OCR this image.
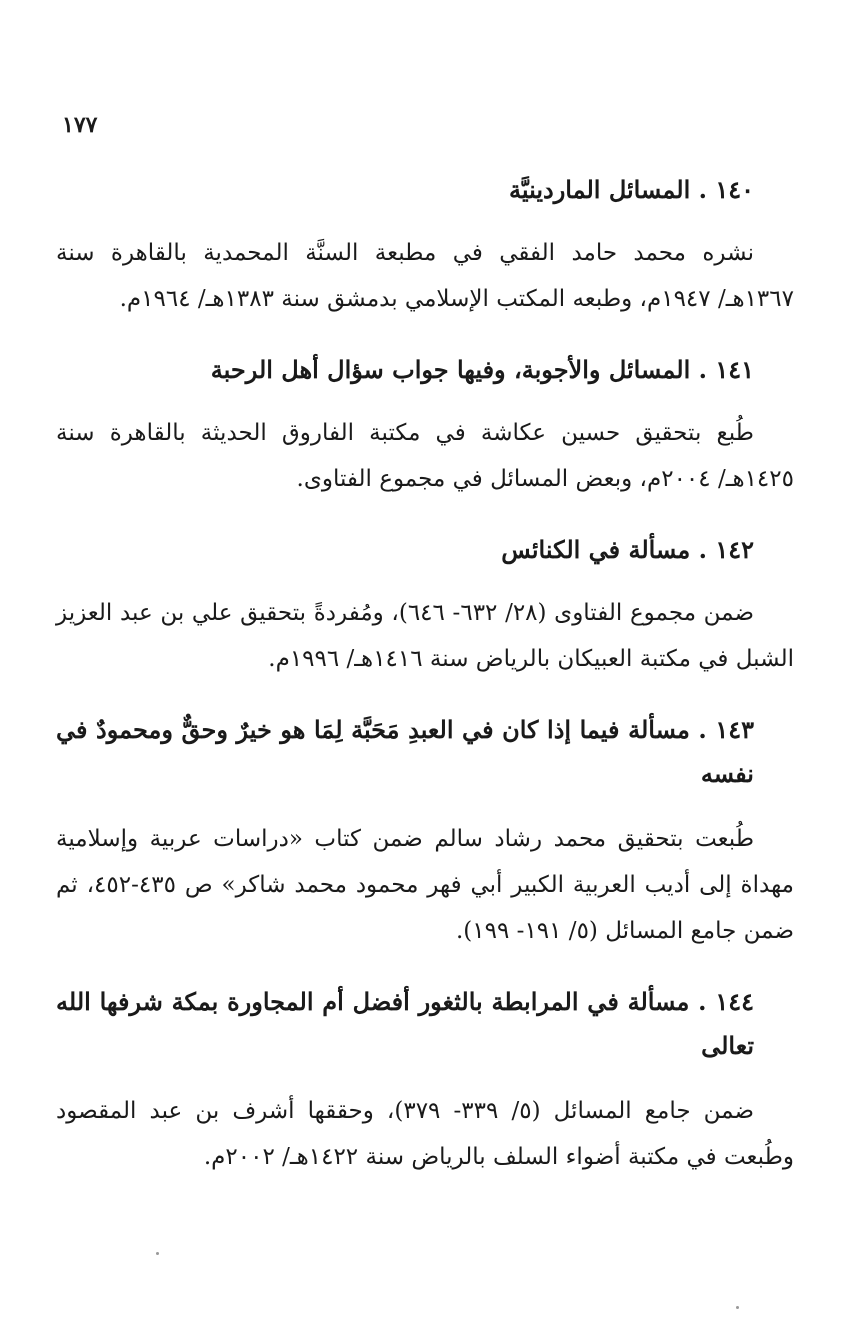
١٧٧
١٤٠ . المسائل الماردينيَّة
نشره محمد حامد الفقي في مطبعة السنَّة المحمدية بالقاهرة سنة ١٣٦٧هـ/ ١٩٤٧م، وطبعه المكتب الإسلامي بدمشق سنة ١٣٨٣هـ/ ١٩٦٤م.
١٤١ . المسائل والأجوبة، وفيها جواب سؤال أهل الرحبة
طُبع بتحقيق حسين عكاشة في مكتبة الفاروق الحديثة بالقاهرة سنة ١٤٢٥هـ/ ٢٠٠٤م، وبعض المسائل في مجموع الفتاوى.
١٤٢ . مسألة في الكنائس
ضمن مجموع الفتاوى (٢٨/ ٦٣٢- ٦٤٦)، ومُفردةً بتحقيق علي بن عبد العزيز الشبل في مكتبة العبيكان بالرياض سنة ١٤١٦هـ/ ١٩٩٦م.
١٤٣ . مسألة فيما إذا كان في العبدِ مَحَبَّة لِمَا هو خيرٌ وحقٌّ ومحمودٌ في نفسه
طُبعت بتحقيق محمد رشاد سالم ضمن كتاب «دراسات عربية وإسلامية مهداة إلى أديب العربية الكبير أبي فهر محمود محمد شاكر» ص ٤٣٥-٤٥٢، ثم ضمن جامع المسائل (٥/ ١٩١- ١٩٩).
١٤٤ . مسألة في المرابطة بالثغور أفضل أم المجاورة بمكة شرفها الله تعالى
ضمن جامع المسائل (٥/ ٣٣٩- ٣٧٩)، وحققها أشرف بن عبد المقصود وطُبعت في مكتبة أضواء السلف بالرياض سنة ١٤٢٢هـ/ ٢٠٠٢م.
